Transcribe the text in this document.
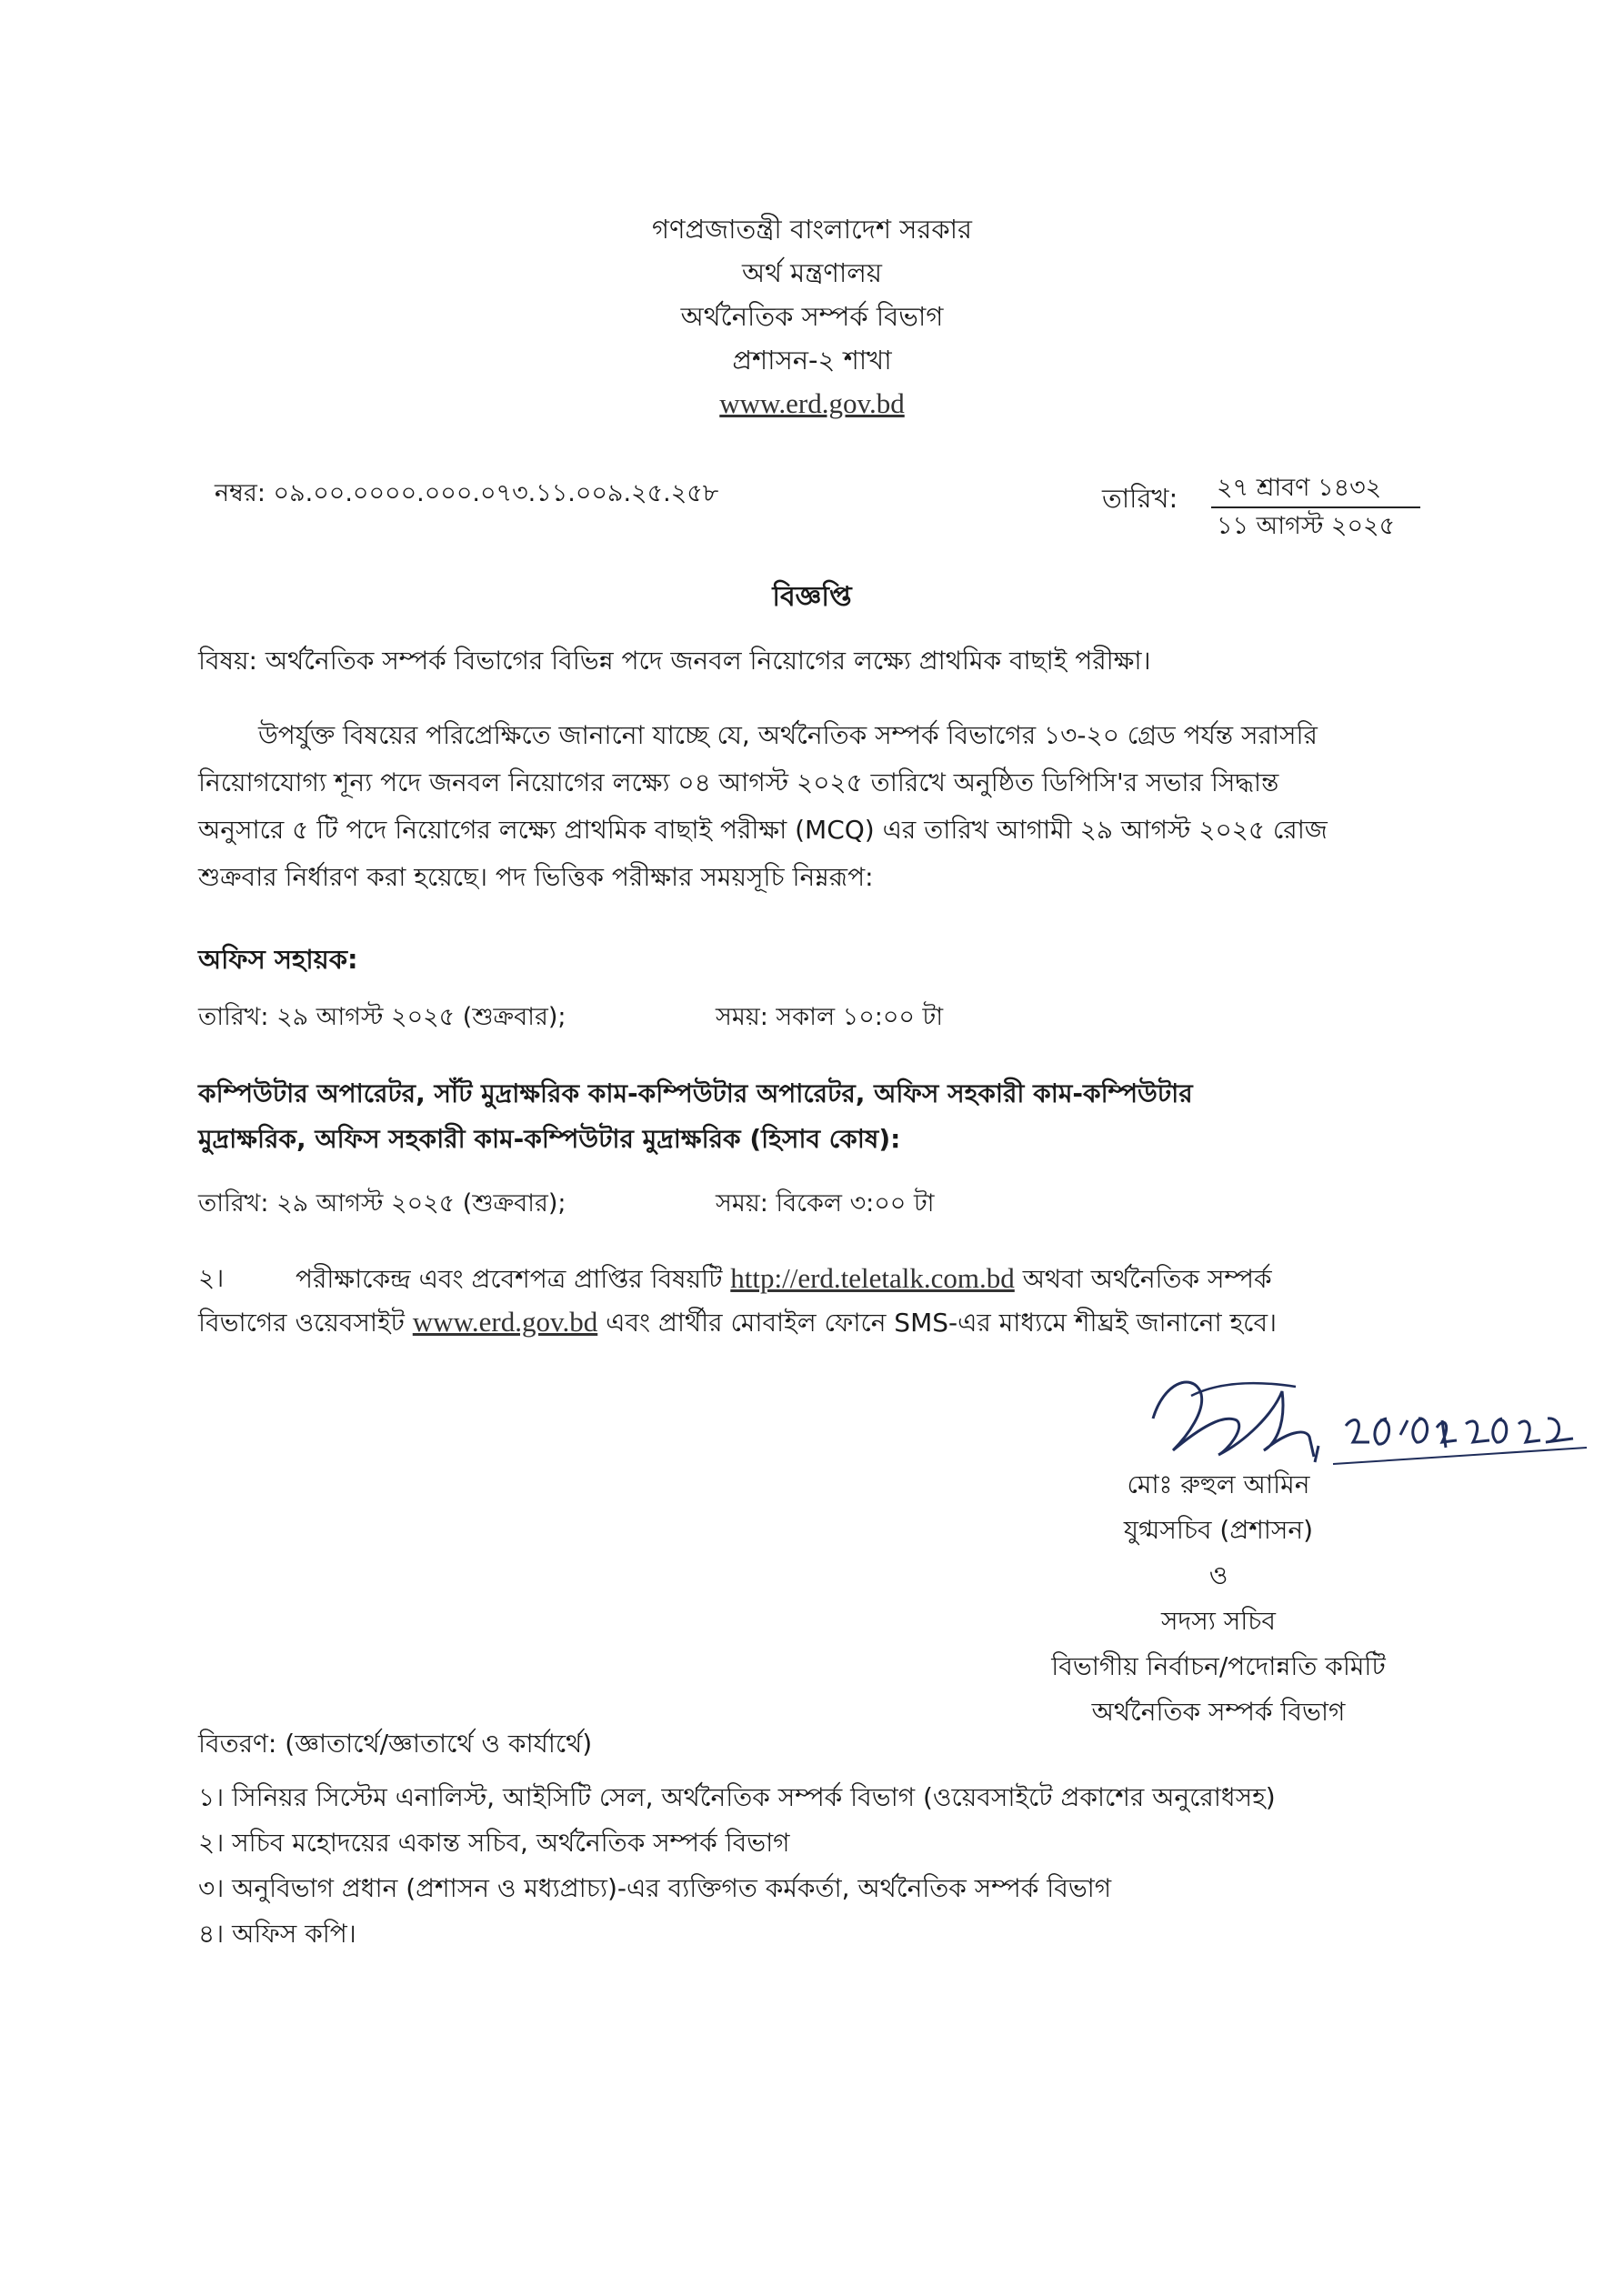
গণপ্রজাতন্ত্রী বাংলাদেশ সরকার
অর্থ মন্ত্রণালয়
অর্থনৈতিক সম্পর্ক বিভাগ
প্রশাসন-২ শাখা
www.erd.gov.bd
নম্বর: ০৯.০০.০০০০.০০০.০৭৩.১১.০০৯.২৫.২৫৮	তারিখ: ২৭ শ্রাবণ ১৪৩২
১১ আগস্ট ২০২৫
বিজ্ঞপ্তি
বিষয়: অর্থনৈতিক সম্পর্ক বিভাগের বিভিন্ন পদে জনবল নিয়োগের লক্ষ্যে প্রাথমিক বাছাই পরীক্ষা।
উপর্যুক্ত বিষয়ের পরিপ্রেক্ষিতে জানানো যাচ্ছে যে, অর্থনৈতিক সম্পর্ক বিভাগের ১৩-২০ গ্রেড পর্যন্ত সরাসরি
নিয়োগযোগ্য শূন্য পদে জনবল নিয়োগের লক্ষ্যে ০৪ আগস্ট ২০২৫ তারিখে অনুষ্ঠিত ডিপিসি'র সভার সিদ্ধান্ত
অনুসারে ৫ টি পদে নিয়োগের লক্ষ্যে প্রাথমিক বাছাই পরীক্ষা (MCQ) এর তারিখ আগামী ২৯ আগস্ট ২০২৫ রোজ
শুক্রবার নির্ধারণ করা হয়েছে। পদ ভিত্তিক পরীক্ষার সময়সূচি নিম্নরূপ:
অফিস সহায়ক:
তারিখ: ২৯ আগস্ট ২০২৫ (শুক্রবার);	সময়: সকাল ১০:০০ টা
কম্পিউটার অপারেটর, সাঁট মুদ্রাক্ষরিক কাম-কম্পিউটার অপারেটর, অফিস সহকারী কাম-কম্পিউটার
মুদ্রাক্ষরিক, অফিস সহকারী কাম-কম্পিউটার মুদ্রাক্ষরিক (হিসাব কোষ):
তারিখ: ২৯ আগস্ট ২০২৫ (শুক্রবার);	সময়: বিকেল ৩:০০ টা
২।	পরীক্ষাকেন্দ্র এবং প্রবেশপত্র প্রাপ্তির বিষয়টি http://erd.teletalk.com.bd অথবা অর্থনৈতিক সম্পর্ক
বিভাগের ওয়েবসাইট www.erd.gov.bd এবং প্রার্থীর মোবাইল ফোনে SMS-এর মাধ্যমে শীঘ্রই জানানো হবে।
মোঃ রুহুল আমিন
যুগ্মসচিব (প্রশাসন)
ও
সদস্য সচিব
বিভাগীয় নির্বাচন/পদোন্নতি কমিটি
অর্থনৈতিক সম্পর্ক বিভাগ
বিতরণ: (জ্ঞাতার্থে/জ্ঞাতার্থে ও কার্যার্থে)
১। সিনিয়র সিস্টেম এনালিস্ট, আইসিটি সেল, অর্থনৈতিক সম্পর্ক বিভাগ (ওয়েবসাইটে প্রকাশের অনুরোধসহ)
২। সচিব মহোদয়ের একান্ত সচিব, অর্থনৈতিক সম্পর্ক বিভাগ
৩। অনুবিভাগ প্রধান (প্রশাসন ও মধ্যপ্রাচ্য)-এর ব্যক্তিগত কর্মকর্তা, অর্থনৈতিক সম্পর্ক বিভাগ
৪। অফিস কপি।
